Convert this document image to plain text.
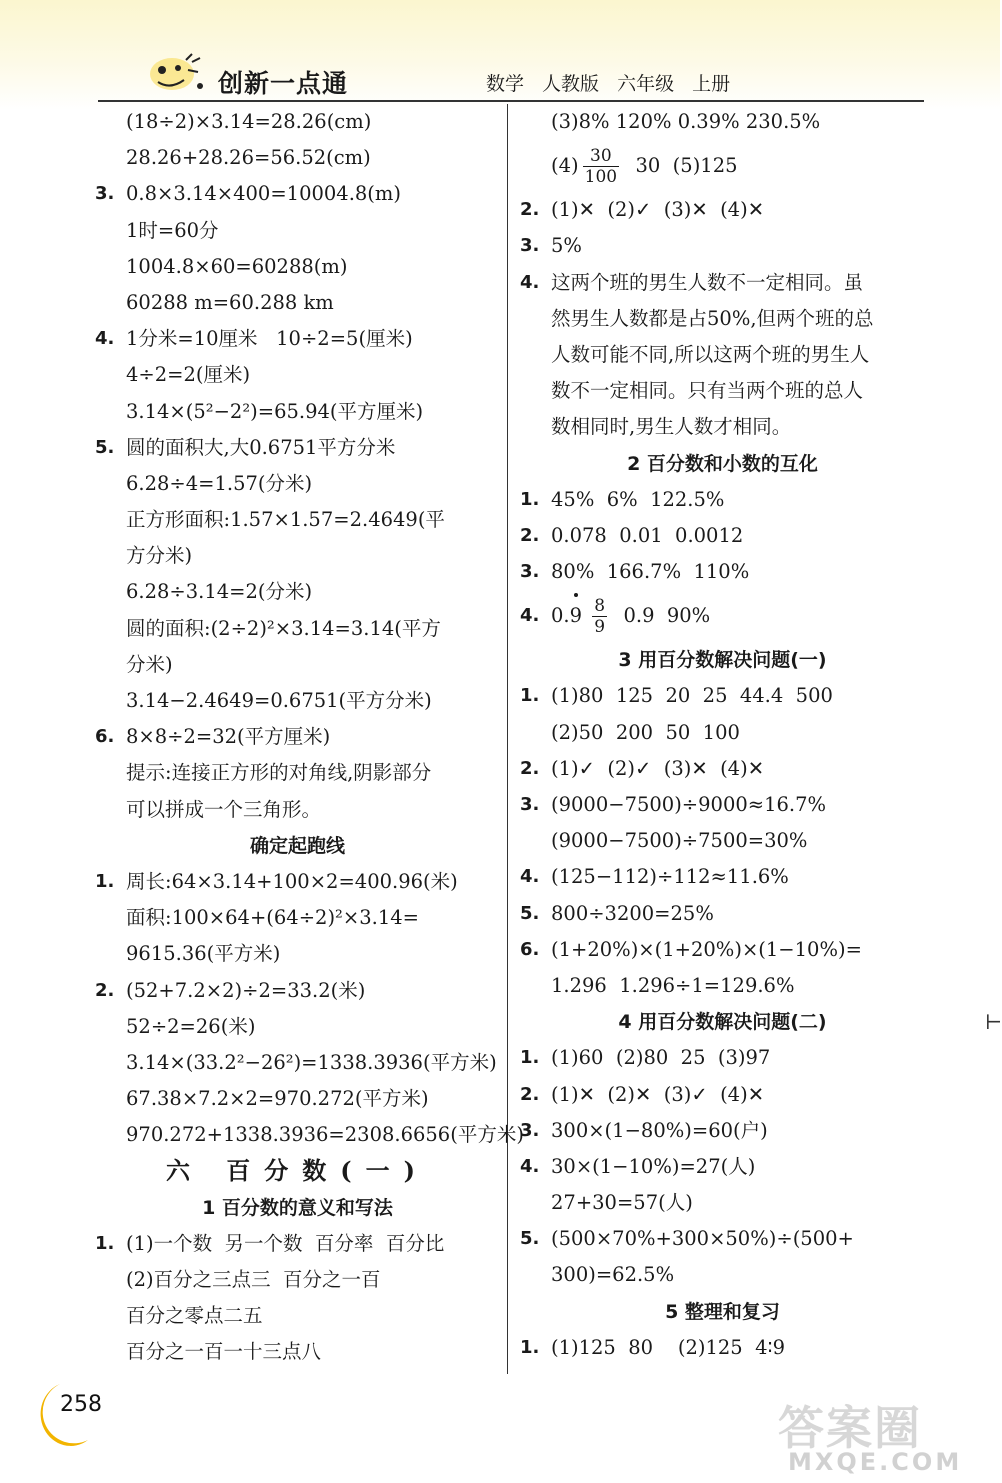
创新一点通	数学 人教版 六年级 上册
(18÷2)×3.14=28.26(cm)
28.26+28.26=56.52(cm)
3. 0.8×3.14×400=10004.8(m)
1时=60分
1004.8×60=60288(m)
60288 m=60.288 km
4. 1分米=10厘米   10÷2=5(厘米)
4÷2=2(厘米)
3.14×(5²−2²)=65.94(平方厘米)
5. 圆的面积大,大0.6751平方分米
6.28÷4=1.57(分米)
正方形面积:1.57×1.57=2.4649(平
方分米)
6.28÷3.14=2(分米)
圆的面积:(2÷2)²×3.14=3.14(平方
分米)
3.14−2.4649=0.6751(平方分米)
6. 8×8÷2=32(平方厘米)
提示:连接正方形的对角线,阴影部分
可以拼成一个三角形。
确定起跑线
1. 周长:64×3.14+100×2=400.96(米)
面积:100×64+(64÷2)²×3.14=
9615.36(平方米)
2. (52+7.2×2)÷2=33.2(米)
52÷2=26(米)
3.14×(33.2²−26²)=1338.3936(平方米)
67.38×7.2×2=970.272(平方米)
970.272+1338.3936=2308.6656(平方米)
六 百分数(一)
1 百分数的意义和写法
1. (1)一个数  另一个数  百分率  百分比
(2)百分之三点三  百分之一百
百分之零点二五
百分之一百一十三点八
(3)8% 120% 0.39% 230.5%
$(4) \frac{30}{100} 30$  (5)125
2. (1)✕  (2)✓  (3)✕  (4)✕
3. 5%
4. 这两个班的男生人数不一定相同。虽
然男生人数都是占50%,但两个班的总
人数可能不同,所以这两个班的男生人
数不一定相同。只有当两个班的总人
数相同时,男生人数才相同。
2 百分数和小数的互化
1. 45%  6%  122.5%
2. 0.078  0.01  0.0012
3. 80%  166.7%  110%
4. $0.9 \frac{8}{9} 0.9$  90%
3 用百分数解决问题(一)
1. (1)80  125  20  25  44.4  500
(2)50  200  50  100
2. (1)✓  (2)✓  (3)✕  (4)✕
3. (9000−7500)÷9000≈16.7%
(9000−7500)÷7500=30%
4. (125−112)÷112≈11.6%
5. 800÷3200=25%
6. (1+20%)×(1+20%)×(1−10%)=
1.296  1.296÷1=129.6%
4 用百分数解决问题(二)
1. (1)60  (2)80  25  (3)97
2. (1)✕  (2)✕  (3)✓  (4)✕
3. 300×(1−80%)=60(户)
4. 30×(1−10%)=27(人)
27+30=57(人)
5. (500×70%+300×50%)÷(500+
300)=62.5%
5 整理和复习
1. (1)125  80    (2)125  4∶9
258
⊢
答案圈
MXQE.COM
